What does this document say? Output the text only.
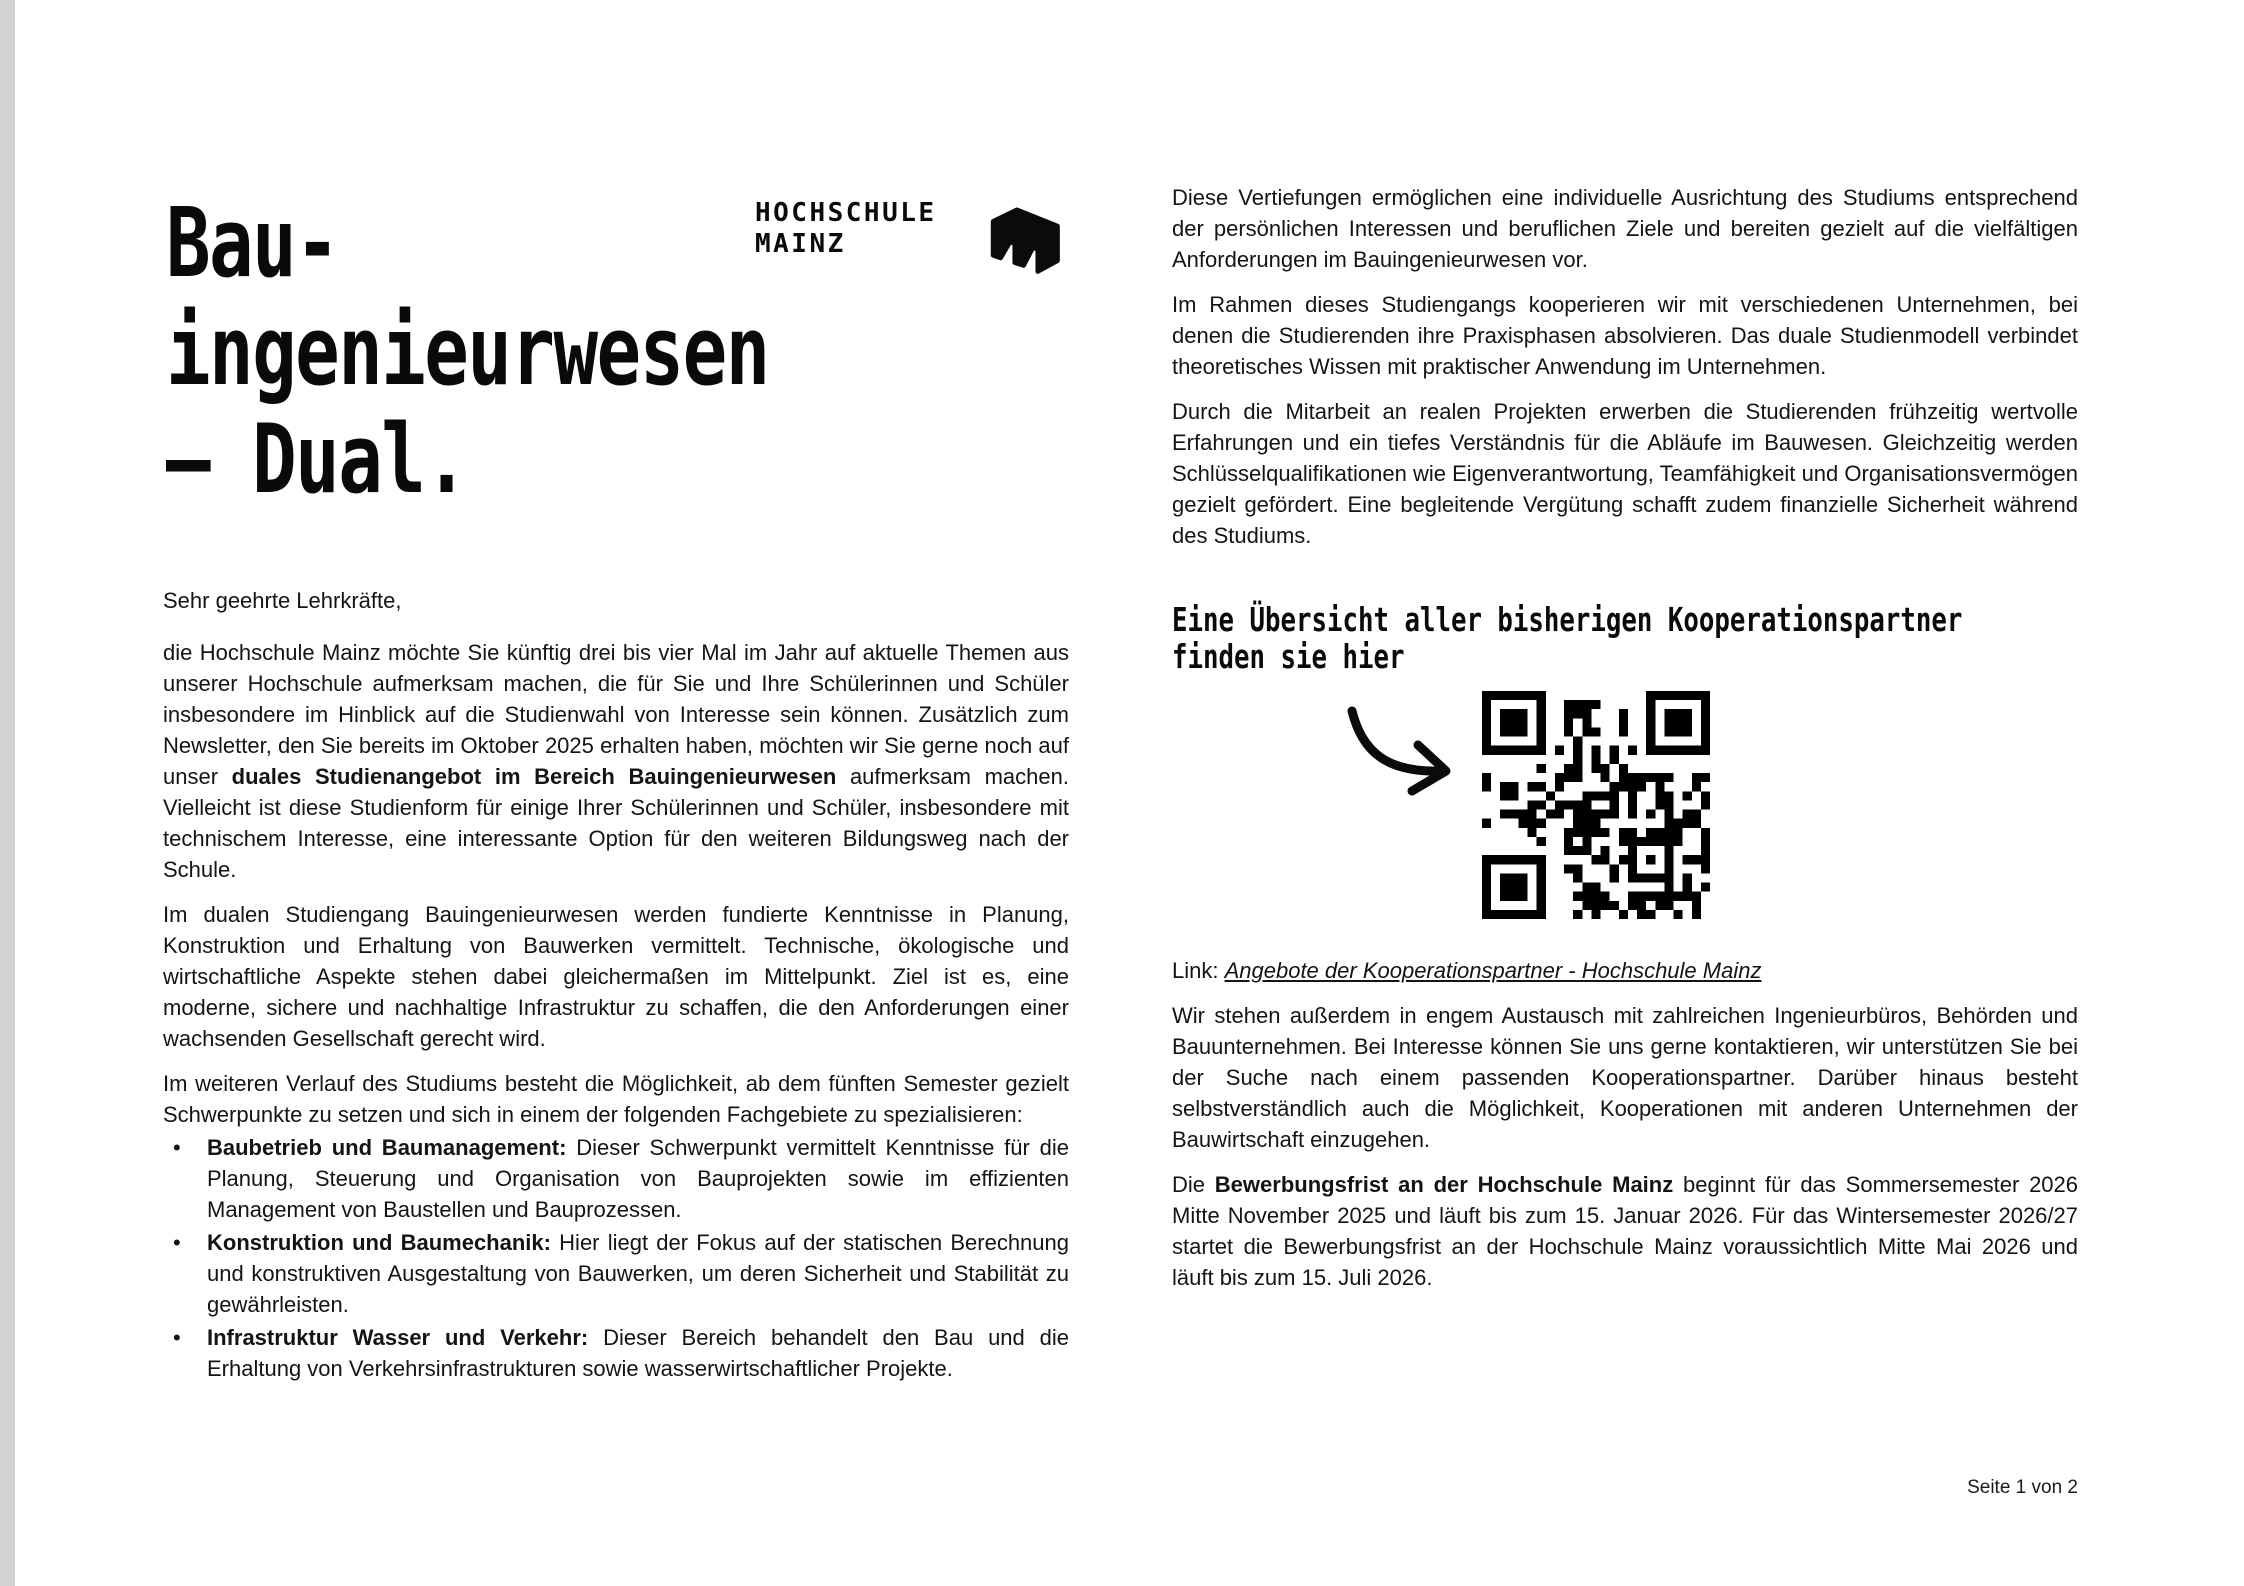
Bau-
ingenieurwesen
— Dual.
HOCHSCHULE
MAINZ

Sehr geehrte Lehrkräfte,

die Hochschule Mainz möchte Sie künftig drei bis vier Mal im Jahr auf aktuelle Themen aus unserer Hochschule aufmerksam machen, die für Sie und Ihre Schülerinnen und Schüler insbesondere im Hinblick auf die Studienwahl von Interesse sein können. Zusätzlich zum Newsletter, den Sie bereits im Oktober 2025 erhalten haben, möchten wir Sie gerne noch auf unser duales Studienangebot im Bereich Bauingenieurwesen aufmerksam machen. Vielleicht ist diese Studienform für einige Ihrer Schülerinnen und Schüler, insbesondere mit technischem Interesse, eine interessante Option für den weiteren Bildungsweg nach der Schule.

Im dualen Studiengang Bauingenieurwesen werden fundierte Kenntnisse in Planung, Konstruktion und Erhaltung von Bauwerken vermittelt. Technische, ökologische und wirtschaftliche Aspekte stehen dabei gleichermaßen im Mittelpunkt. Ziel ist es, eine moderne, sichere und nachhaltige Infrastruktur zu schaffen, die den Anforderungen einer wachsenden Gesellschaft gerecht wird.

Im weiteren Verlauf des Studiums besteht die Möglichkeit, ab dem fünften Semester gezielt Schwerpunkte zu setzen und sich in einem der folgenden Fachgebiete zu spezialisieren:

•	Baubetrieb und Baumanagement: Dieser Schwerpunkt vermittelt Kenntnisse für die Planung, Steuerung und Organisation von Bauprojekten sowie im effizienten Management von Baustellen und Bauprozessen.
•	Konstruktion und Baumechanik: Hier liegt der Fokus auf der statischen Berechnung und konstruktiven Ausgestaltung von Bauwerken, um deren Sicherheit und Stabilität zu gewährleisten.
•	Infrastruktur Wasser und Verkehr: Dieser Bereich behandelt den Bau und die Erhaltung von Verkehrsinfrastrukturen sowie wasserwirtschaftlicher Projekte.

Diese Vertiefungen ermöglichen eine individuelle Ausrichtung des Studiums entsprechend der persönlichen Interessen und beruflichen Ziele und bereiten gezielt auf die vielfältigen Anforderungen im Bauingenieurwesen vor.

Im Rahmen dieses Studiengangs kooperieren wir mit verschiedenen Unternehmen, bei denen die Studierenden ihre Praxisphasen absolvieren. Das duale Studienmodell verbindet theoretisches Wissen mit praktischer Anwendung im Unternehmen.

Durch die Mitarbeit an realen Projekten erwerben die Studierenden frühzeitig wertvolle Erfahrungen und ein tiefes Verständnis für die Abläufe im Bauwesen. Gleichzeitig werden Schlüsselqualifikationen wie Eigenverantwortung, Teamfähigkeit und Organisationsvermögen gezielt gefördert. Eine begleitende Vergütung schafft zudem finanzielle Sicherheit während des Studiums.

Eine Übersicht aller bisherigen Kooperationspartner
finden sie hier

Link: Angebote der Kooperationspartner - Hochschule Mainz

Wir stehen außerdem in engem Austausch mit zahlreichen Ingenieurbüros, Behörden und Bauunternehmen. Bei Interesse können Sie uns gerne kontaktieren, wir unterstützen Sie bei der Suche nach einem passenden Kooperationspartner. Darüber hinaus besteht selbstverständlich auch die Möglichkeit, Kooperationen mit anderen Unternehmen der Bauwirtschaft einzugehen.

Die Bewerbungsfrist an der Hochschule Mainz beginnt für das Sommersemester 2026 Mitte November 2025 und läuft bis zum 15. Januar 2026. Für das Wintersemester 2026/27 startet die Bewerbungsfrist an der Hochschule Mainz voraussichtlich Mitte Mai 2026 und läuft bis zum 15. Juli 2026.

Seite 1 von 2
